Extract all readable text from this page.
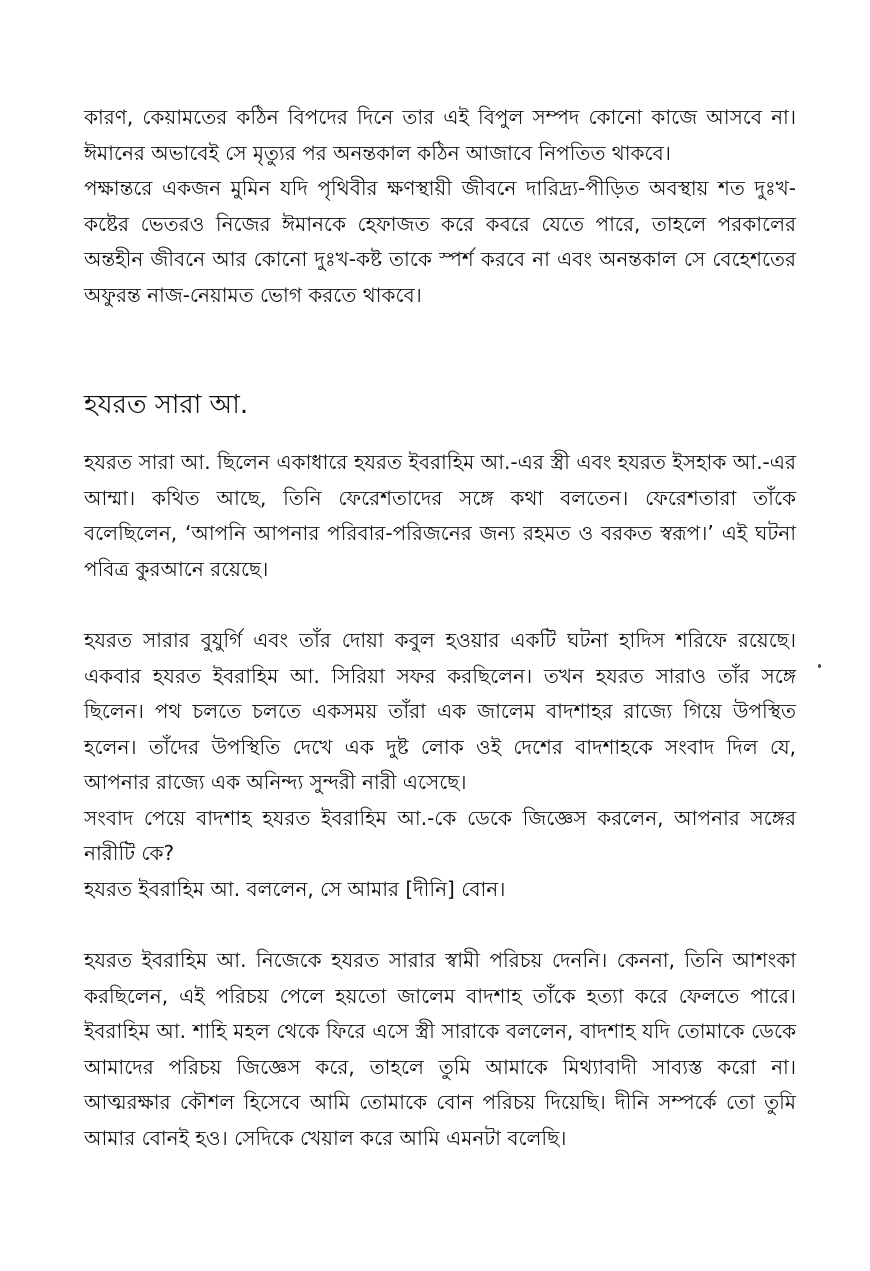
কারণ, কেয়ামতের কঠিন বিপদের দিনে তার এই বিপুল সম্পদ কোনো কাজে আসবে না। ঈমানের অভাবেই সে মৃত্যুর পর অনন্তকাল কঠিন আজাবে নিপতিত থাকবে।

পক্ষান্তরে একজন মুমিন যদি পৃথিবীর ক্ষণস্থায়ী জীবনে দারিদ্র্য-পীড়িত অবস্থায় শত দুঃখ-কষ্টের ভেতরও নিজের ঈমানকে হেফাজত করে কবরে যেতে পারে, তাহলে পরকালের অন্তহীন জীবনে আর কোনো দুঃখ-কষ্ট তাকে স্পর্শ করবে না এবং অনন্তকাল সে বেহেশতের অফুরন্ত নাজ-নেয়ামত ভোগ করতে থাকবে।

হযরত সারা আ.

হযরত সারা আ. ছিলেন একাধারে হযরত ইবরাহিম আ.-এর স্ত্রী এবং হযরত ইসহাক আ.-এর আম্মা। কথিত আছে, তিনি ফেরেশতাদের সঙ্গে কথা বলতেন। ফেরেশতারা তাঁকে বলেছিলেন, ‘আপনি আপনার পরিবার-পরিজনের জন্য রহমত ও বরকত স্বরূপ।’ এই ঘটনা পবিত্র কুরআনে রয়েছে।

হযরত সারার বুযুর্গি এবং তাঁর দোয়া কবুল হওয়ার একটি ঘটনা হাদিস শরিফে রয়েছে। একবার হযরত ইবরাহিম আ. সিরিয়া সফর করছিলেন। তখন হযরত সারাও তাঁর সঙ্গে ছিলেন। পথ চলতে চলতে একসময় তাঁরা এক জালেম বাদশাহর রাজ্যে গিয়ে উপস্থিত হলেন। তাঁদের উপস্থিতি দেখে এক দুষ্ট লোক ওই দেশের বাদশাহকে সংবাদ দিল যে, আপনার রাজ্যে এক অনিন্দ্য সুন্দরী নারী এসেছে।

সংবাদ পেয়ে বাদশাহ হযরত ইবরাহিম আ.-কে ডেকে জিজ্ঞেস করলেন, আপনার সঙ্গের নারীটি কে?

হযরত ইবরাহিম আ. বললেন, সে আমার [দীনি] বোন।

হযরত ইবরাহিম আ. নিজেকে হযরত সারার স্বামী পরিচয় দেননি। কেননা, তিনি আশংকা করছিলেন, এই পরিচয় পেলে হয়তো জালেম বাদশাহ তাঁকে হত্যা করে ফেলতে পারে। ইবরাহিম আ. শাহি মহল থেকে ফিরে এসে স্ত্রী সারাকে বললেন, বাদশাহ যদি তোমাকে ডেকে আমাদের পরিচয় জিজ্ঞেস করে, তাহলে তুমি আমাকে মিথ্যাবাদী সাব্যস্ত করো না। আত্মরক্ষার কৌশল হিসেবে আমি তোমাকে বোন পরিচয় দিয়েছি। দীনি সম্পর্কে তো তুমি আমার বোনই হও। সেদিকে খেয়াল করে আমি এমনটা বলেছি।
